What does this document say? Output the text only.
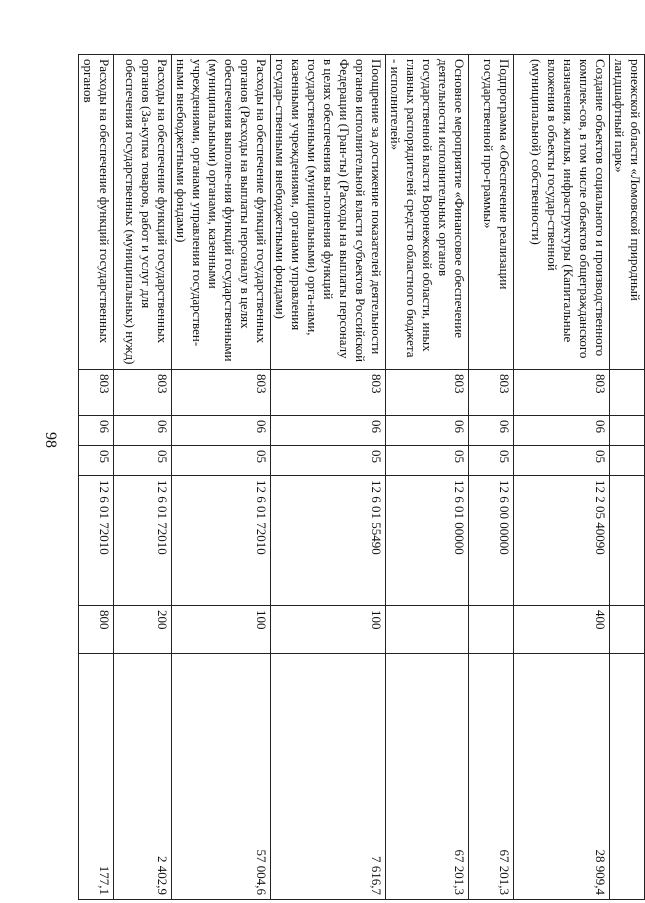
98
ронежской области «Ломовской природный ландшафтный парк»						
Создание объектов социального и производственного комплек-сов, в том числе объектов общегражданского назначения, жилья, инфраструктуры (Капитальные вложения в объекты государ-ственной (муниципальной) собственности)	803	06	05	12 2 05 40090	400	28 909,4
Подпрограмма «Обеспечение реализации государственной про-граммы»	803	06	05	12 6 00 00000		67 201,3
Основное мероприятие «Финансовое обеспечение деятельности исполнительных органов государственной власти Воронежской области, иных главных распорядителей средств областного бюджета - исполнителей»	803	06	05	12 6 01 00000		67 201,3
Поощрение за достижение показателей деятельности органов исполнительной власти субъектов Российской Федерации (Гран-ты) (Расходы на выплаты персоналу в целях обеспечения вы-полнения функций государственными (муниципальными) орга-нами, казенными учреждениями, органами управления государ-ственными внебюджетными фондами)	803	06	05	12 6 01 55490	100	7 616,7
Расходы на обеспечение функций государственных органов (Расходы на выплаты персоналу в целях обеспечения выполне-ния функций государственными (муниципальными) органами, казенными учреждениями, органами управления государствен-ными внебюджетными фондами)	803	06	05	12 6 01 72010	100	57 004,6
Расходы на обеспечение функций государственных органов (За-купка товаров, работ и услуг для обеспечения государственных (муниципальных) нужд)	803	06	05	12 6 01 72010	200	2 402,9
Расходы на обеспечение функций государственных органов	803	06	05	12 6 01 72010	800	177,1
